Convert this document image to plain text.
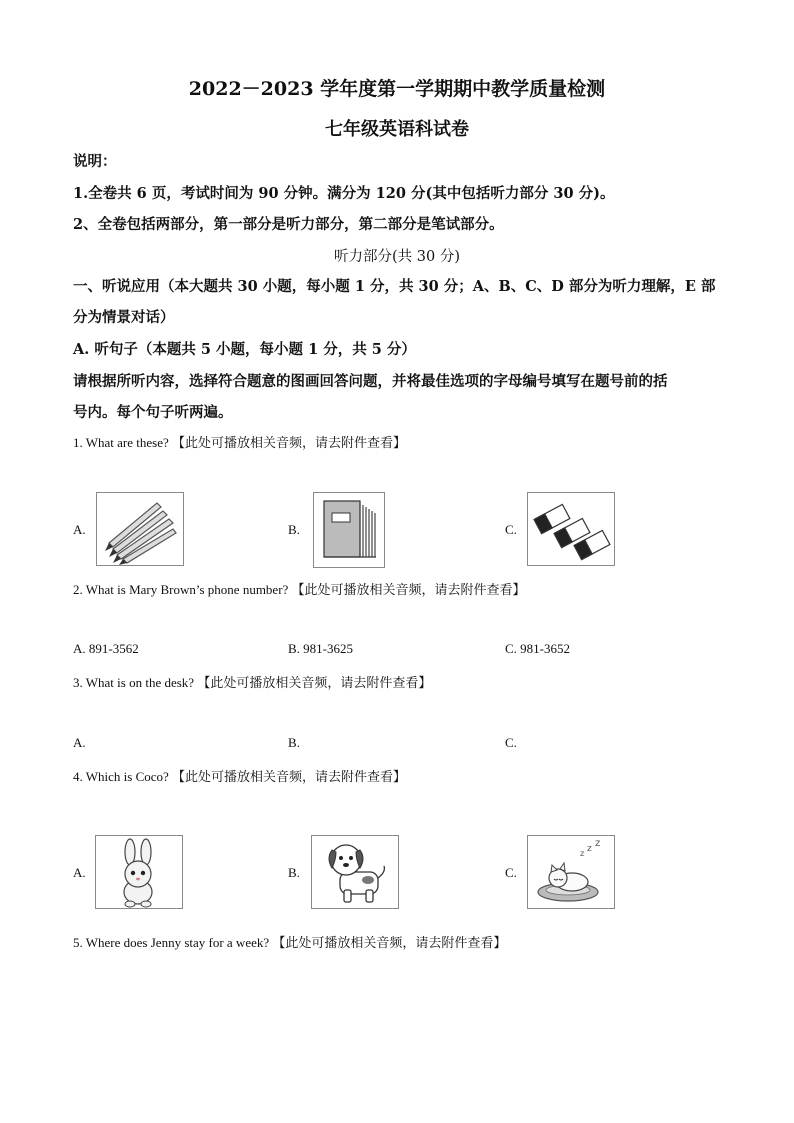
2022－2023 学年度第一学期期中教学质量检测
七年级英语科试卷
说明：
1.全卷共 6 页，考试时间为 90 分钟。满分为 120 分(其中包括听力部分 30 分)。
2、全卷包括两部分，第一部分是听力部分，第二部分是笔试部分。
听力部分(共 30 分)
一、听说应用（本大题共 30 小题，每小题 1 分，共 30 分；A、B、C、D 部分为听力理解，E 部
分为情景对话）
A. 听句子（本题共 5 小题，每小题 1 分，共 5 分）
请根据所听内容，选择符合题意的图画回答问题，并将最佳选项的字母编号填写在题号前的括
号内。每个句子听两遍。
1. What are these? 【此处可播放相关音频，请去附件查看】
A.	B.	C.
2. What is Mary Brown’s phone number? 【此处可播放相关音频，请去附件查看】
A. 891-3562	B. 981-3625	C. 981-3652
3. What is on the desk? 【此处可播放相关音频，请去附件查看】
A.	B.	C.
4. Which is Coco? 【此处可播放相关音频，请去附件查看】
A.	B.	C.
z z z
5. Where does Jenny stay for a week? 【此处可播放相关音频，请去附件查看】
